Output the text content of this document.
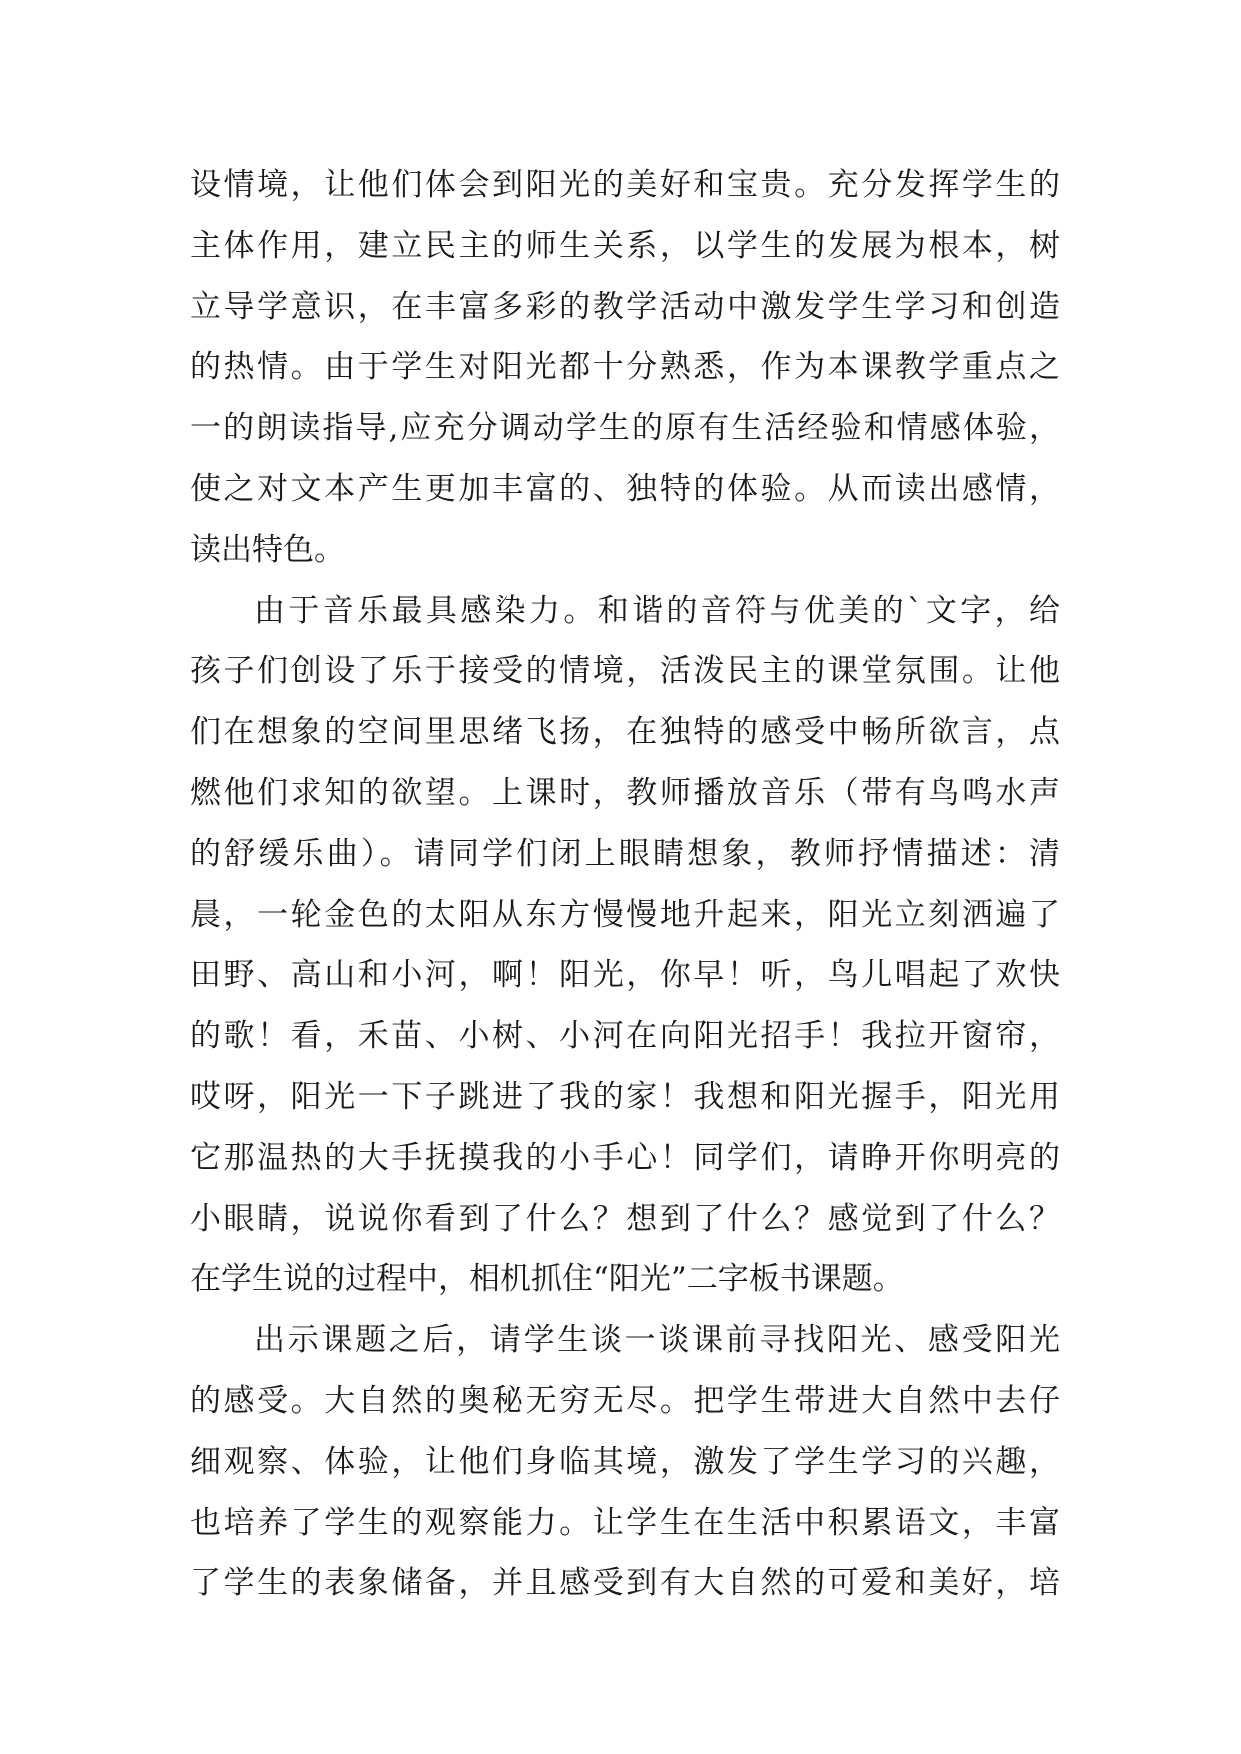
设情境，让他们体会到阳光的美好和宝贵。充分发挥学生的
主体作用，建立民主的师生关系，以学生的发展为根本，树
立导学意识，在丰富多彩的教学活动中激发学生学习和创造
的热情。由于学生对阳光都十分熟悉，作为本课教学重点之
一的朗读指导,应充分调动学生的原有生活经验和情感体验，
使之对文本产生更加丰富的、独特的体验。从而读出感情，
读出特色。
由于音乐最具感染力。和谐的音符与优美的`文字，给
孩子们创设了乐于接受的情境，活泼民主的课堂氛围。让他
们在想象的空间里思绪飞扬，在独特的感受中畅所欲言，点
燃他们求知的欲望。上课时，教师播放音乐（带有鸟鸣水声
的舒缓乐曲）。请同学们闭上眼睛想象，教师抒情描述：清
晨，一轮金色的太阳从东方慢慢地升起来，阳光立刻洒遍了
田野、高山和小河，啊！阳光，你早！听，鸟儿唱起了欢快
的歌！看，禾苗、小树、小河在向阳光招手！我拉开窗帘，
哎呀，阳光一下子跳进了我的家！我想和阳光握手，阳光用
它那温热的大手抚摸我的小手心！同学们，请睁开你明亮的
小眼睛，说说你看到了什么？想到了什么？感觉到了什么？
在学生说的过程中，相机抓住“阳光”二字板书课题。
出示课题之后，请学生谈一谈课前寻找阳光、感受阳光
的感受。大自然的奥秘无穷无尽。把学生带进大自然中去仔
细观察、体验，让他们身临其境，激发了学生学习的兴趣，
也培养了学生的观察能力。让学生在生活中积累语文，丰富
了学生的表象储备，并且感受到有大自然的可爱和美好，培
